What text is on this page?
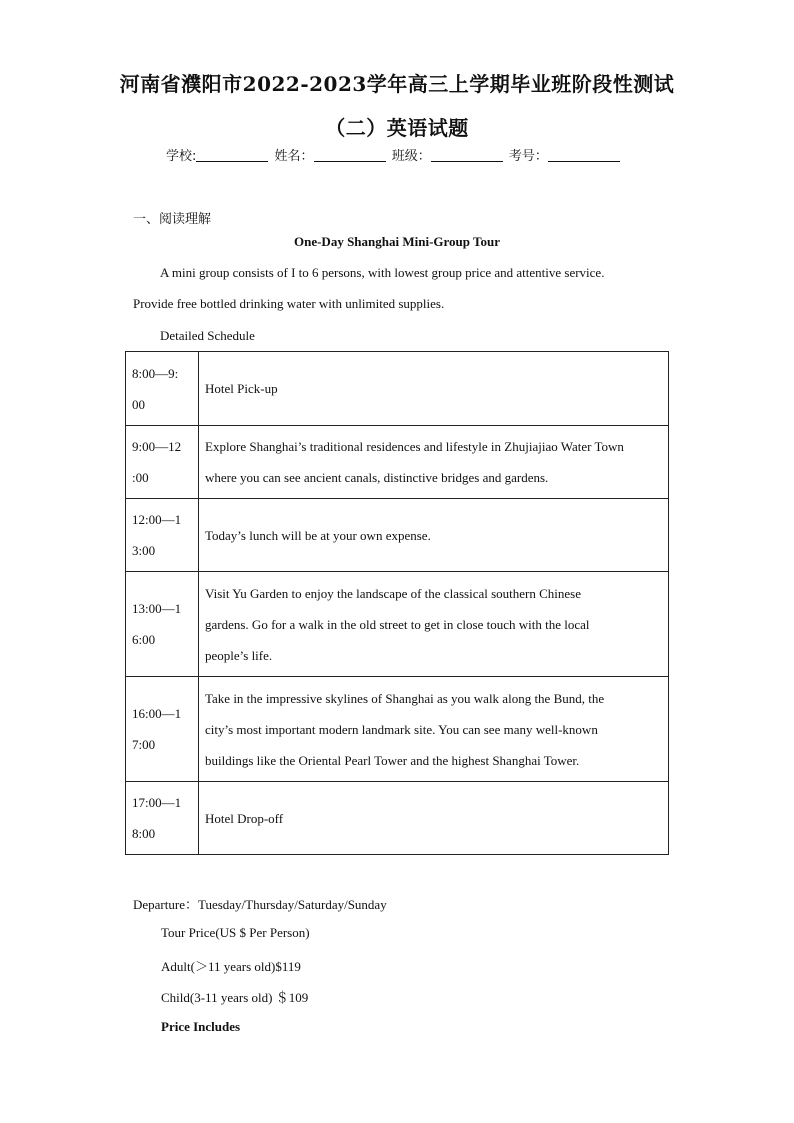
河南省濮阳市2022-2023学年高三上学期毕业班阶段性测试
（二）英语试题
学校:	姓名：	班级：	考号：
一、阅读理解
One-Day Shanghai Mini-Group Tour
A mini group consists of I to 6 persons, with lowest group price and attentive service.
Provide free bottled drinking water with unlimited supplies.
Detailed Schedule
8:00—9:
00	Hotel Pick-up
9:00—12
:00	Explore Shanghai’s traditional residences and lifestyle in Zhujiajiao Water Town
where you can see ancient canals, distinctive bridges and gardens.
12:00—1
3:00	Today’s lunch will be at your own expense.
13:00—1
6:00	Visit Yu Garden to enjoy the landscape of the classical southern Chinese
gardens. Go for a walk in the old street to get in close touch with the local
people’s life.
16:00—1
7:00	Take in the impressive skylines of Shanghai as you walk along the Bund, the
city’s most important modern landmark site. You can see many well-known
buildings like the Oriental Pearl Tower and the highest Shanghai Tower.
17:00—1
8:00	Hotel Drop-off
Departure：Tuesday/Thursday/Saturday/Sunday
Tour Price(US $ Per Person)
Adult(＞11 years old)$119
Child(3-11 years old) ＄109
Price Includes
